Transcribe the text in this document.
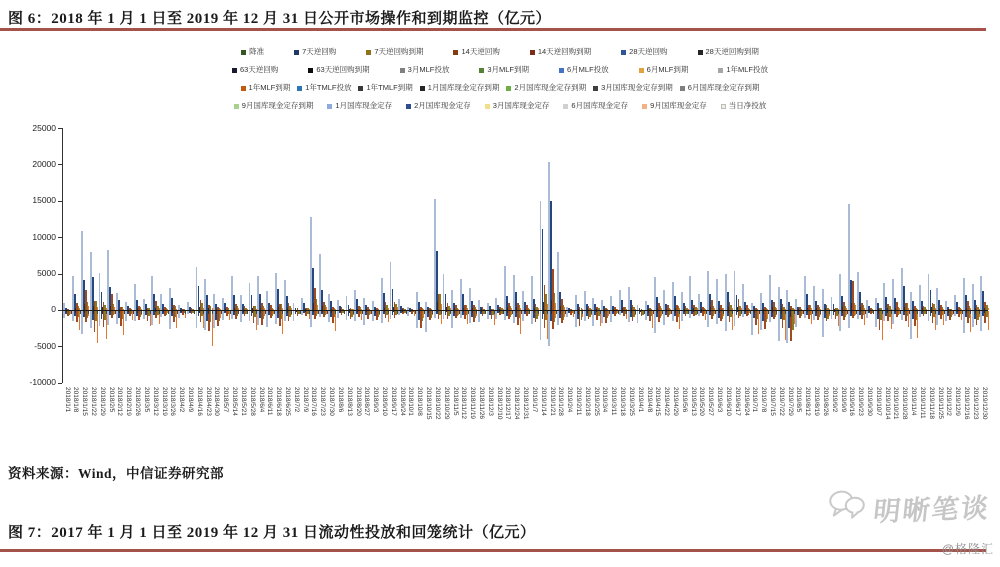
图 6：2018 年 1 月 1 日至 2019 年 12 月 31 日公开市场操作和到期监控（亿元）
降准	7天逆回购	7天逆回购到期	14天逆回购	14天逆回购到期	28天逆回购	28天逆回购到期
63天逆回购	63天逆回购到期	3月MLF投放	3月MLF到期	6月MLF投放	6月MLF到期	1年MLF投放
1年MLF到期 1年TMLF投放 1年TMLF到期 1月国库现金定存到期 2月国库现金定存到期 3月国库现金定存到期 6月国库现金定存到期
9月国库现金定存到期	1月国库现金定存	2月国库现金定存	3月国库现金定存	6月国库现金定存	9月国库现金定存	当日净投放
25000
20000
15000
10000
5000
0
-5000
-10000
2018/1/1 2018/1/8 2018/1/15 2018/1/22 2018/1/29 2018/2/5 2018/2/12 2018/2/19 2018/2/26 2018/3/5 2018/3/12 2018/3/19 2018/3/26 2018/4/2 2018/4/9 2018/4/16 2018/4/23 2018/4/30 2018/5/7 2018/5/14 2018/5/21 2018/5/28 2018/6/4 2018/6/11 2018/6/18 2018/6/25 2018/7/2 2018/7/9 2018/7/16 2018/7/23 2018/7/30 2018/8/6 2018/8/13 2018/8/20 2018/8/27 2018/9/3 2018/9/10 2018/9/17 2018/9/24 2018/10/1 2018/10/8 2018/10/15 2018/10/22 2018/10/29 2018/11/5 2018/11/12 2018/11/19 2018/11/26 2018/12/3 2018/12/10 2018/12/17 2018/12/24 2018/12/31 2019/1/7 2019/1/14 2019/1/21 2019/1/28 2019/2/4 2019/2/11 2019/2/18 2019/2/25 2019/3/4 2019/3/11 2019/3/18 2019/3/25 2019/4/1 2019/4/8 2019/4/15 2019/4/22 2019/4/29 2019/5/6 2019/5/13 2019/5/20 2019/5/27 2019/6/3 2019/6/10 2019/6/17 2019/6/24 2019/7/1 2019/7/8 2019/7/15 2019/7/22 2019/7/29 2019/8/5 2019/8/12 2019/8/19 2019/8/26 2019/9/2 2019/9/9 2019/9/16 2019/9/23 2019/9/30 2019/10/7 2019/10/14 2019/10/21 2019/10/28 2019/11/4 2019/11/11 2019/11/18 2019/11/25 2019/12/2 2019/12/9 2019/12/16 2019/12/23 2019/12/30
资料来源：Wind，中信证券研究部
图 7：2017 年 1 月 1 日至 2019 年 12 月 31 日流动性投放和回笼统计（亿元）
明晰笔谈
@格隆汇
